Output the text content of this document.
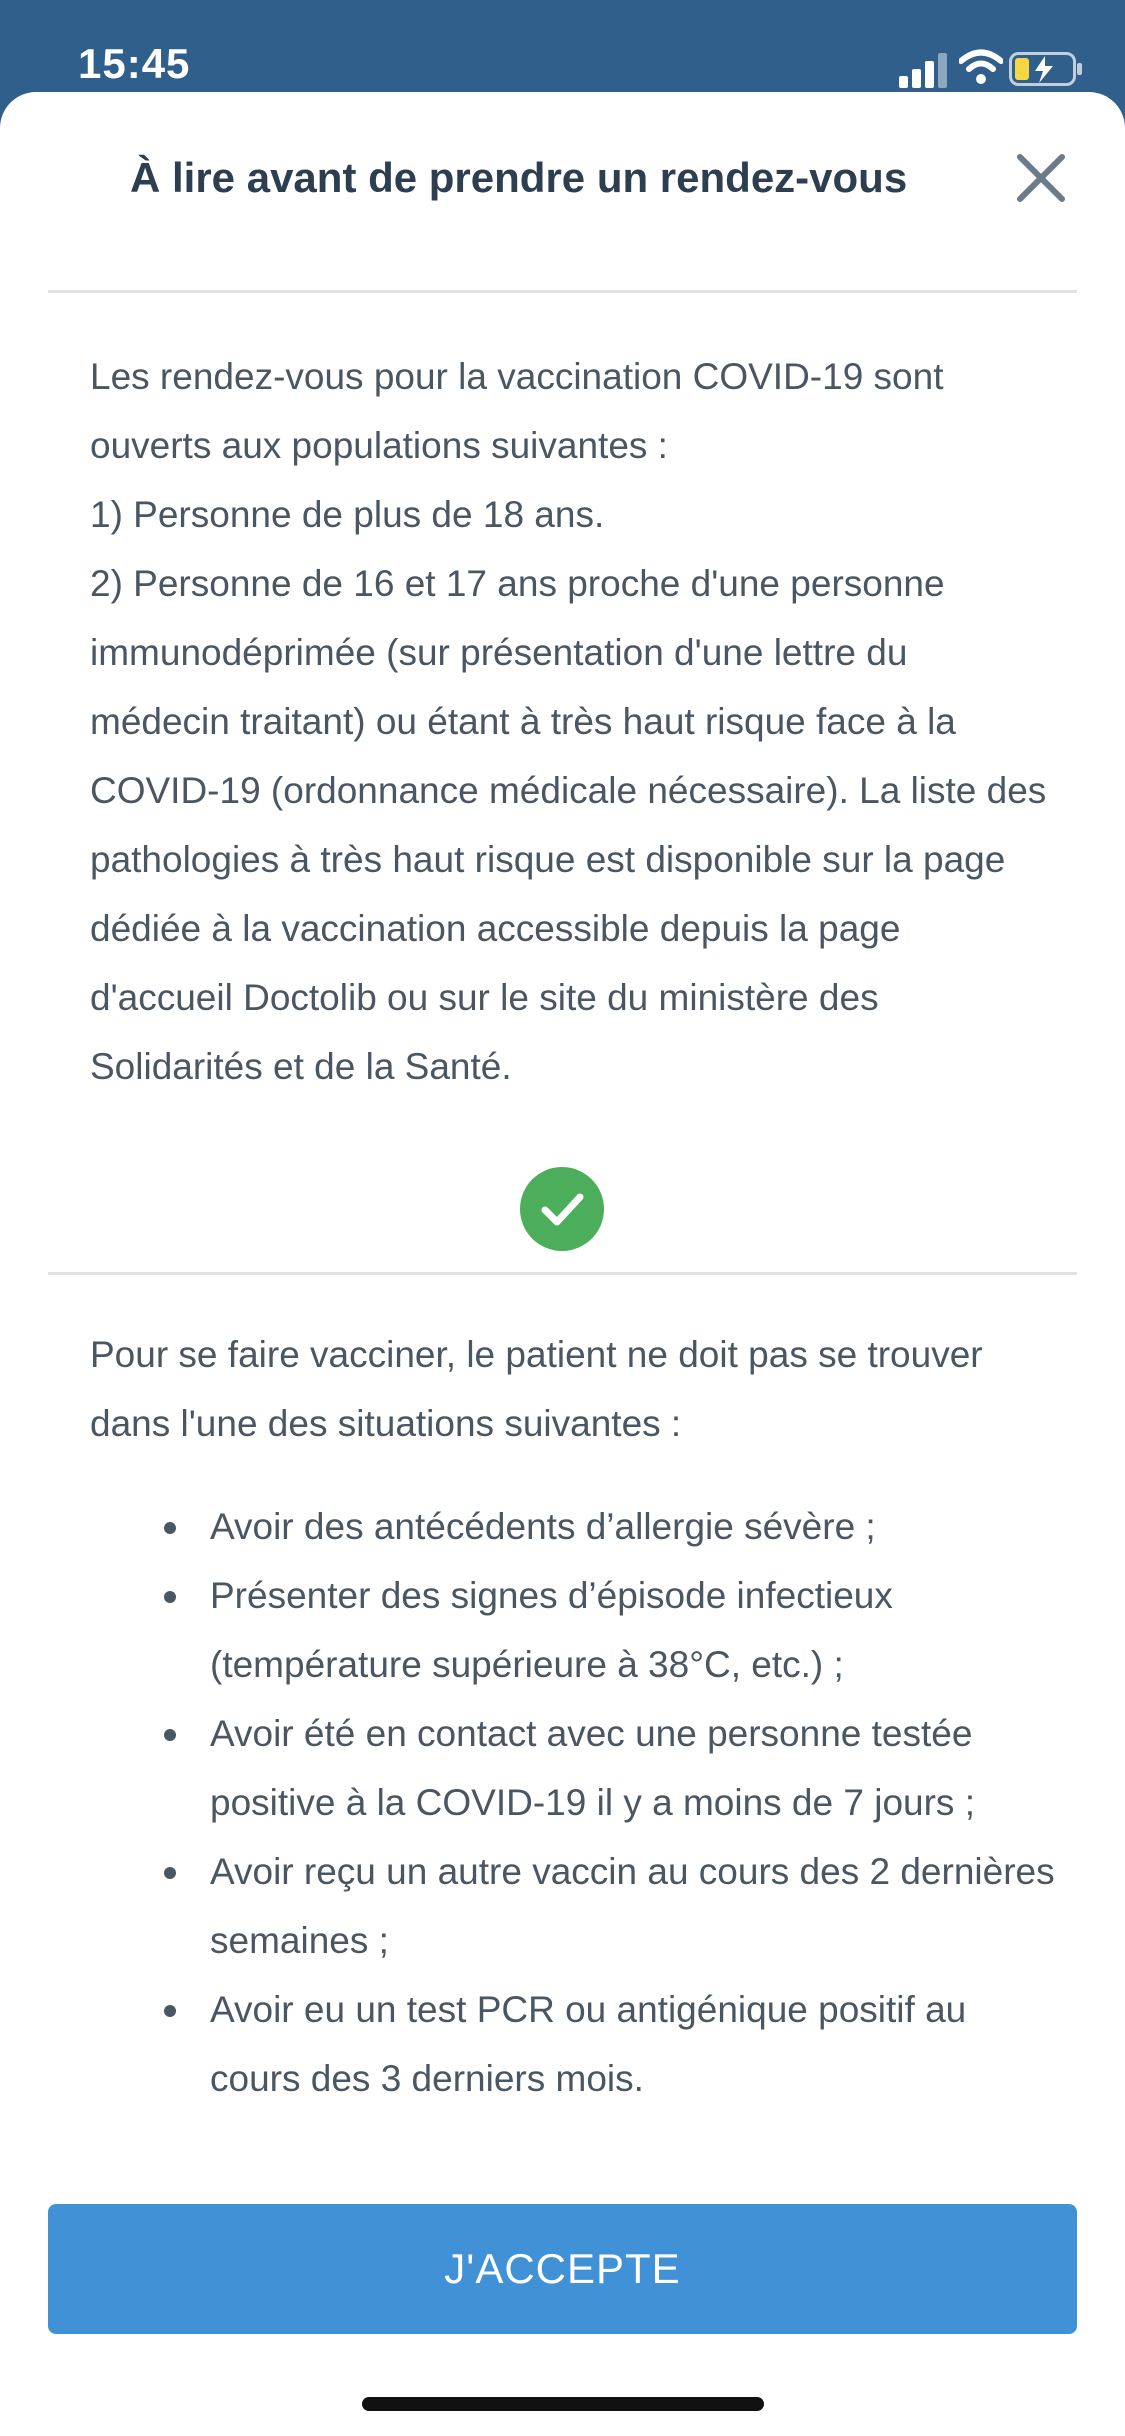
15:45
À lire avant de prendre un rendez-vous

Les rendez-vous pour la vaccination COVID-19 sont ouverts aux populations suivantes :

1) Personne de plus de 18 ans.

2) Personne de 16 et 17 ans proche d'une personne immunodéprimée (sur présentation d'une lettre du médecin traitant) ou étant à très haut risque face à la COVID-19 (ordonnance médicale nécessaire). La liste des pathologies à très haut risque est disponible sur la page dédiée à la vaccination accessible depuis la page d'accueil Doctolib ou sur le site du ministère des Solidarités et de la Santé.

Pour se faire vacciner, le patient ne doit pas se trouver dans l'une des situations suivantes :

Avoir des antécédents d’allergie sévère ;
Présenter des signes d’épisode infectieux (température supérieure à 38°C, etc.) ;
Avoir été en contact avec une personne testée positive à la COVID-19 il y a moins de 7 jours ;
Avoir reçu un autre vaccin au cours des 2 dernières semaines ;
Avoir eu un test PCR ou antigénique positif au cours des 3 derniers mois.
J'ACCEPTE
